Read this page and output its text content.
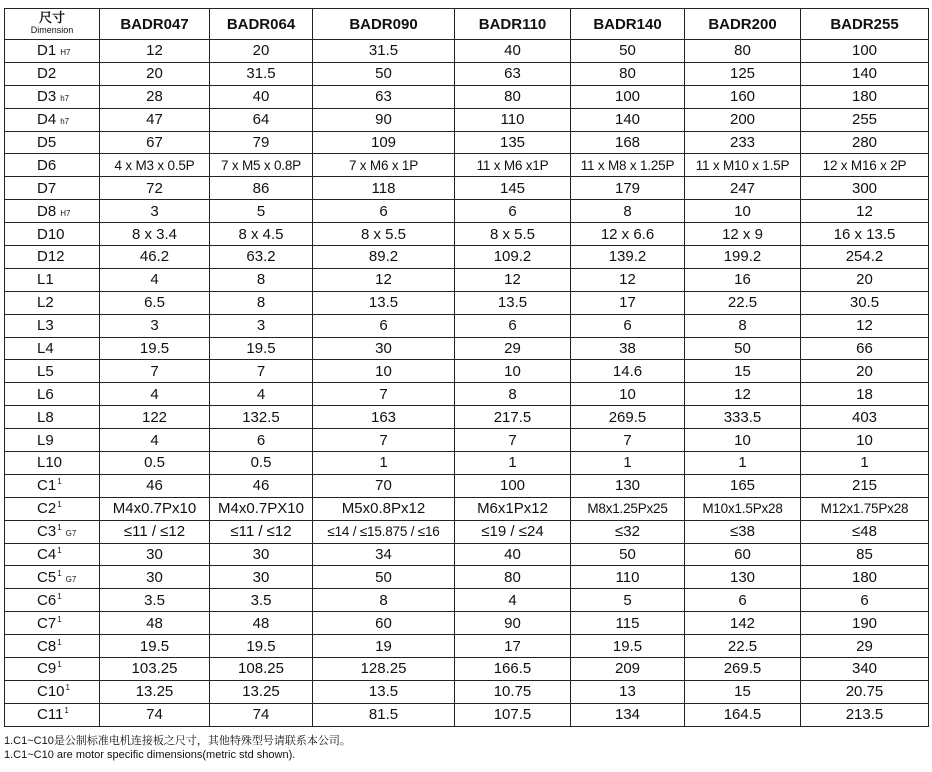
尺寸
Dimension	BADR047	BADR064	BADR090	BADR110	BADR140	BADR200	BADR255
D1 H7	12	20	31.5	40	50	80	100
D2	20	31.5	50	63	80	125	140
D3 h7	28	40	63	80	100	160	180
D4 h7	47	64	90	110	140	200	255
D5	67	79	109	135	168	233	280
D6	4 x M3 x 0.5P	7 x M5 x 0.8P	7 x M6 x 1P	11 x M6 x1P	11 x M8 x 1.25P	11 x M10 x 1.5P	12 x M16 x 2P
D7	72	86	118	145	179	247	300
D8 H7	3	5	6	6	8	10	12
D10	8 x 3.4	8 x 4.5	8 x 5.5	8 x 5.5	12 x 6.6	12 x 9	16 x 13.5
D12	46.2	63.2	89.2	109.2	139.2	199.2	254.2
L1	4	8	12	12	12	16	20
L2	6.5	8	13.5	13.5	17	22.5	30.5
L3	3	3	6	6	6	8	12
L4	19.5	19.5	30	29	38	50	66
L5	7	7	10	10	14.6	15	20
L6	4	4	7	8	10	12	18
L8	122	132.5	163	217.5	269.5	333.5	403
L9	4	6	7	7	7	10	10
L10	0.5	0.5	1	1	1	1	1
$C1^1$	46	46	70	100	130	165	215
$C2^1$	M4x0.7Px10	M4x0.7PX10	M5x0.8Px12	M6x1Px12	M8x1.25Px25	M10x1.5Px28	M12x1.75Px28
$C3^1G7$	≤11 / ≤12	≤11 / ≤12	≤14 / ≤15.875 / ≤16	≤19 / ≤24	≤32	≤38	≤48
$C4^1$	30	30	34	40	50	60	85
$C5^1G7$	30	30	50	80	110	130	180
$C6^1$	3.5	3.5	8	4	5	6	6
$C7^1$	48	48	60	90	115	142	190
$C8^1$	19.5	19.5	19	17	19.5	22.5	29
$C9^1$	103.25	108.25	128.25	166.5	209	269.5	340
$C10^1$	13.25	13.25	13.5	10.75	13	15	20.75
$C11^1$	74	74	81.5	107.5	134	164.5	213.5
1.C1~C10是公制标准电机连接板之尺寸，其他特殊型号请联系本公司。
1.C1~C10 are motor specific dimensions(metric std shown).
